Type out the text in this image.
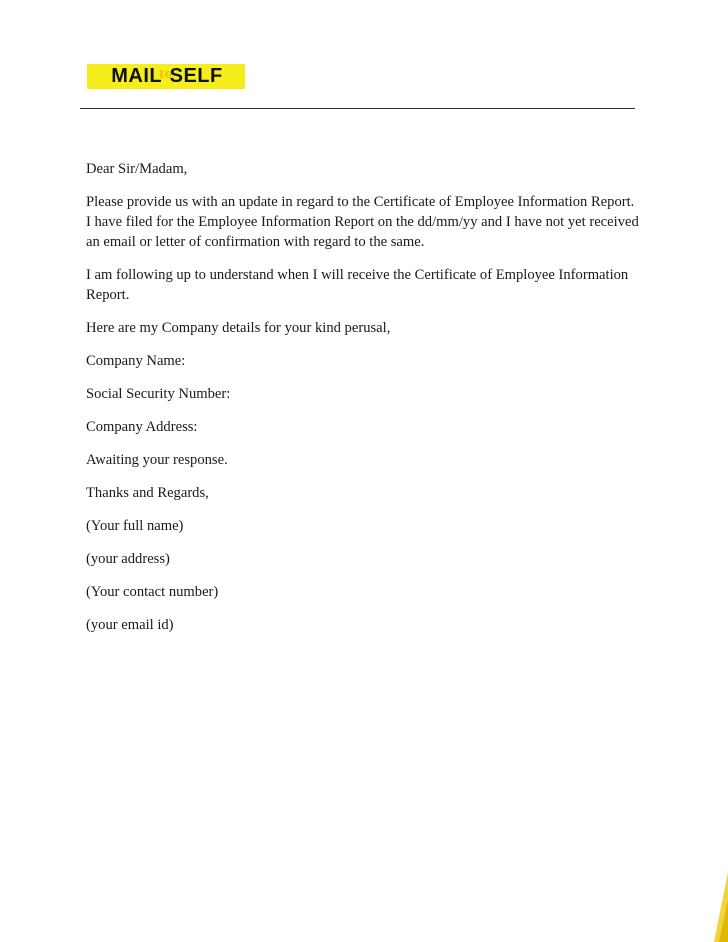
MAIL
to
SELF

Dear Sir/Madam,

Please provide us with an update in regard to the Certificate of Employee Information Report. I have filed for the Employee Information Report on the dd/mm/yy and I have not yet received an email or letter of confirmation with regard to the same.

I am following up to understand when I will receive the Certificate of Employee Information Report.

Here are my Company details for your kind perusal,

Company Name:

Social Security Number:

Company Address:

Awaiting your response.

Thanks and Regards,

(Your full name)

(your address)

(Your contact number)

(your email id)
